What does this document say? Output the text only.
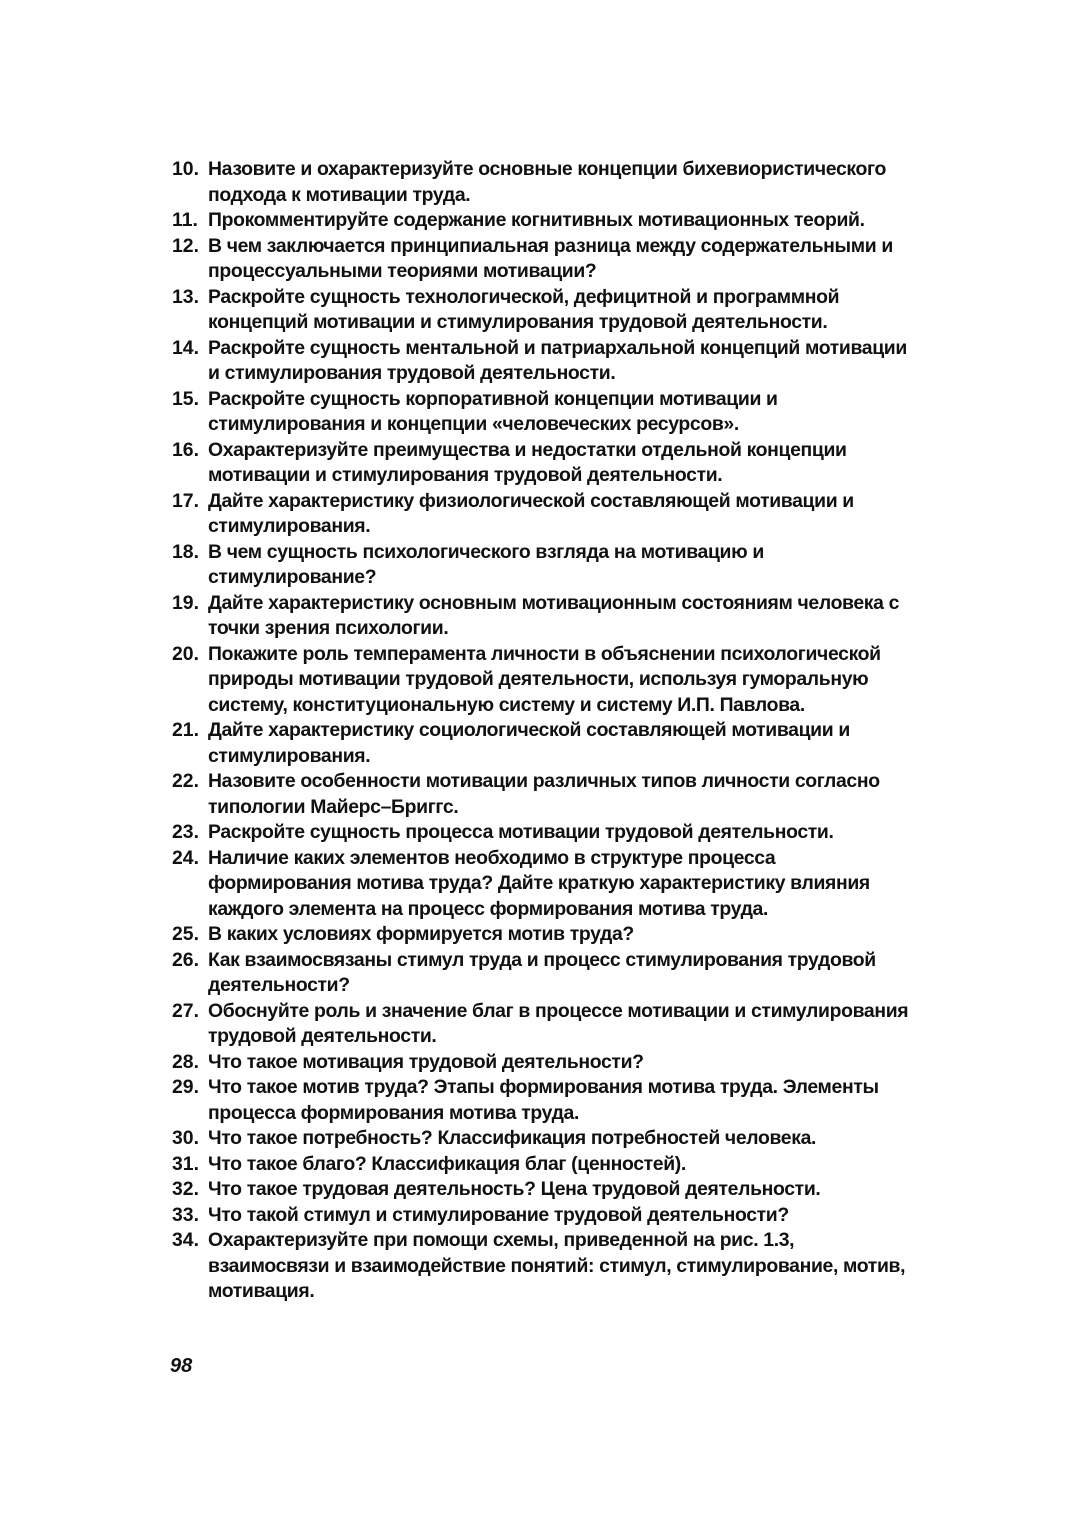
10. Назовите и охарактеризуйте основные концепции бихевиористического подхода к мотивации труда.
11. Прокомментируйте содержание когнитивных мотивационных теорий.
12. В чем заключается принципиальная разница между содержательными и процессуальными теориями мотивации?
13. Раскройте сущность технологической, дефицитной и программной концепций мотивации и стимулирования трудовой деятельности.
14. Раскройте сущность ментальной и патриархальной концепций мотивации и стимулирования трудовой деятельности.
15. Раскройте сущность корпоративной концепции мотивации и стимулирования и концепции «человеческих ресурсов».
16. Охарактеризуйте преимущества и недостатки отдельной концепции мотивации и стимулирования трудовой деятельности.
17. Дайте характеристику физиологической составляющей мотивации и стимулирования.
18. В чем сущность психологического взгляда на мотивацию и стимулирование?
19. Дайте характеристику основным мотивационным состояниям человека с точки зрения психологии.
20. Покажите роль темперамента личности в объяснении психологической природы мотивации трудовой деятельности, используя гуморальную систему, конституциональную систему и систему И.П. Павлова.
21. Дайте характеристику социологической составляющей мотивации и стимулирования.
22. Назовите особенности мотивации различных типов личности согласно типологии Майерс–Бриггс.
23. Раскройте сущность процесса мотивации трудовой деятельности.
24. Наличие каких элементов необходимо в структуре процесса формирования мотива труда? Дайте краткую характеристику влияния каждого элемента на процесс формирования мотива труда.
25. В каких условиях формируется мотив труда?
26. Как взаимосвязаны стимул труда и процесс стимулирования трудовой деятельности?
27. Обоснуйте роль и значение благ в процессе мотивации и стимулирования трудовой деятельности.
28. Что такое мотивация трудовой деятельности?
29. Что такое мотив труда? Этапы формирования мотива труда. Элементы процесса формирования мотива труда.
30. Что такое потребность? Классификация потребностей человека.
31. Что такое благо? Классификация благ (ценностей).
32. Что такое трудовая деятельность? Цена трудовой деятельности.
33. Что такой стимул и стимулирование трудовой деятельности?
34. Охарактеризуйте при помощи схемы, приведенной на рис. 1.3, взаимосвязи и взаимодействие понятий: стимул, стимулирование, мотив, мотивация.
98
